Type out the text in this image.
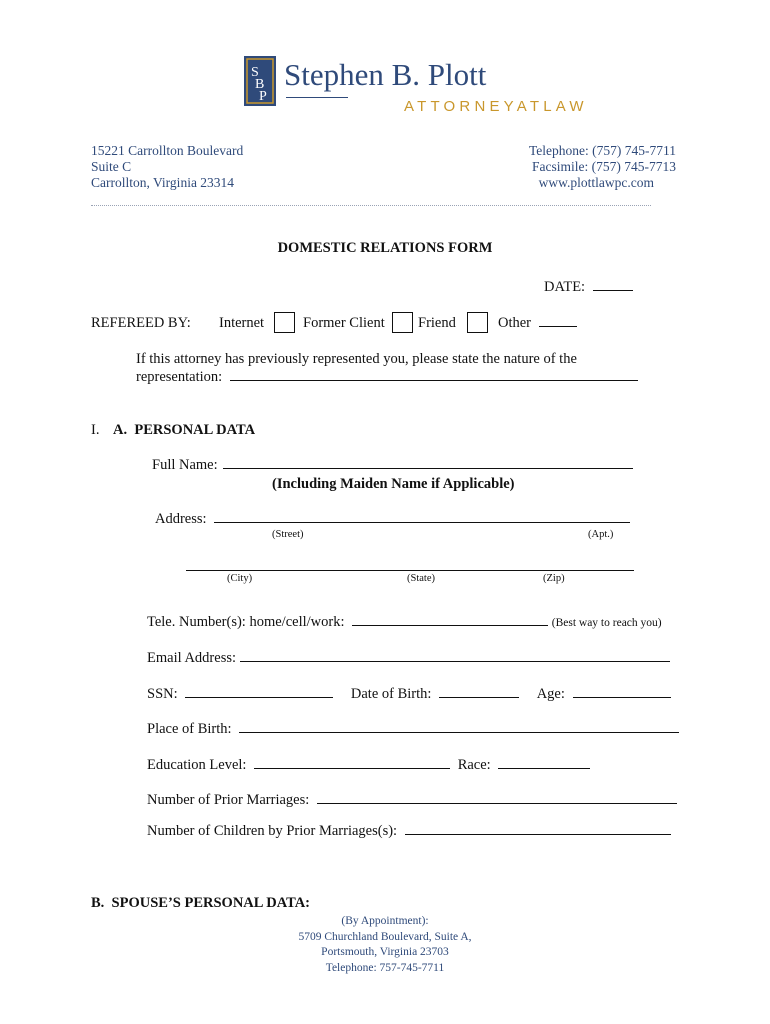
S
B
P
Stephen B. Plott
ATTORNEYATLAW
15221 Carrollton Boulevard
Suite C
Carrollton, Virginia 23314
Telephone: (757) 745-7711
Facsimile: (757) 745-7713
www.plottlawpc.com
DOMESTIC RELATIONS FORM
DATE:
REFEREED BY: Internet	Former Client Friend	Other
If this attorney has previously represented you, please state the nature of the
representation:
I. A.  PERSONAL DATA
Full Name:
(Including Maiden Name if Applicable)
Address:
(Street)	(Apt.)
(City)	(State)	(Zip)
Tele. Number(s): home/cell/work:	(Best way to reach you)
Email Address:
SSN:	Date of Birth:	Age:
Place of Birth:
Education Level:	Race:
Number of Prior Marriages:
Number of Children by Prior Marriages(s):
B.  SPOUSE’S PERSONAL DATA:
(By Appointment):
5709 Churchland Boulevard, Suite A,
Portsmouth, Virginia 23703
Telephone: 757-745-7711
